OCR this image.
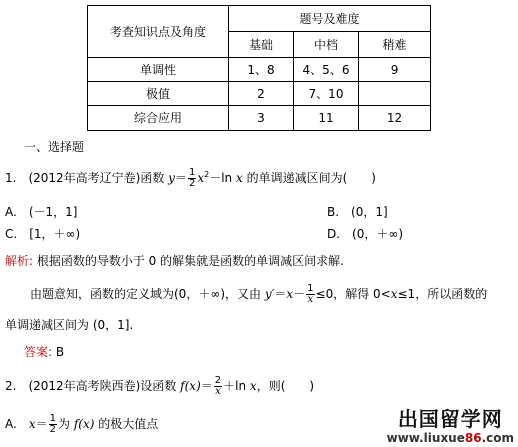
考查知识点及角度	题号及难度		
	基础	中档	稍难
单调性	1、8	4、5、6	9
极值	2	7、10	
综合应用	3	11	12
一、选择题
1.　(2012年高考辽宁卷)函数 $y= \frac{1}{2} x^2-\ln$ x 的单调递减区间为(　　)
A.　(－1，1]	B.　(0，1]
C.　[1，＋∞)	D.　(0，＋∞)
解析: 根据函数的导数小于 0 的解集就是函数的单调减区间求解.
由题意知，函数的定义域为(0，＋∞)，又由 $y'=x- \frac{1}{x} \le 0$，解得 0<x≤1，所以函数的
单调递减区间为 (0，1].
答案: B
2.　(2012年高考陕西卷)设函数 $f(x)= \frac{2}{x} +\ln$ x，则(　　)
A.　$x= \frac{1}{2}$ 为 f(x) 的极大值点	出国留学网
www.liuxue86.com
